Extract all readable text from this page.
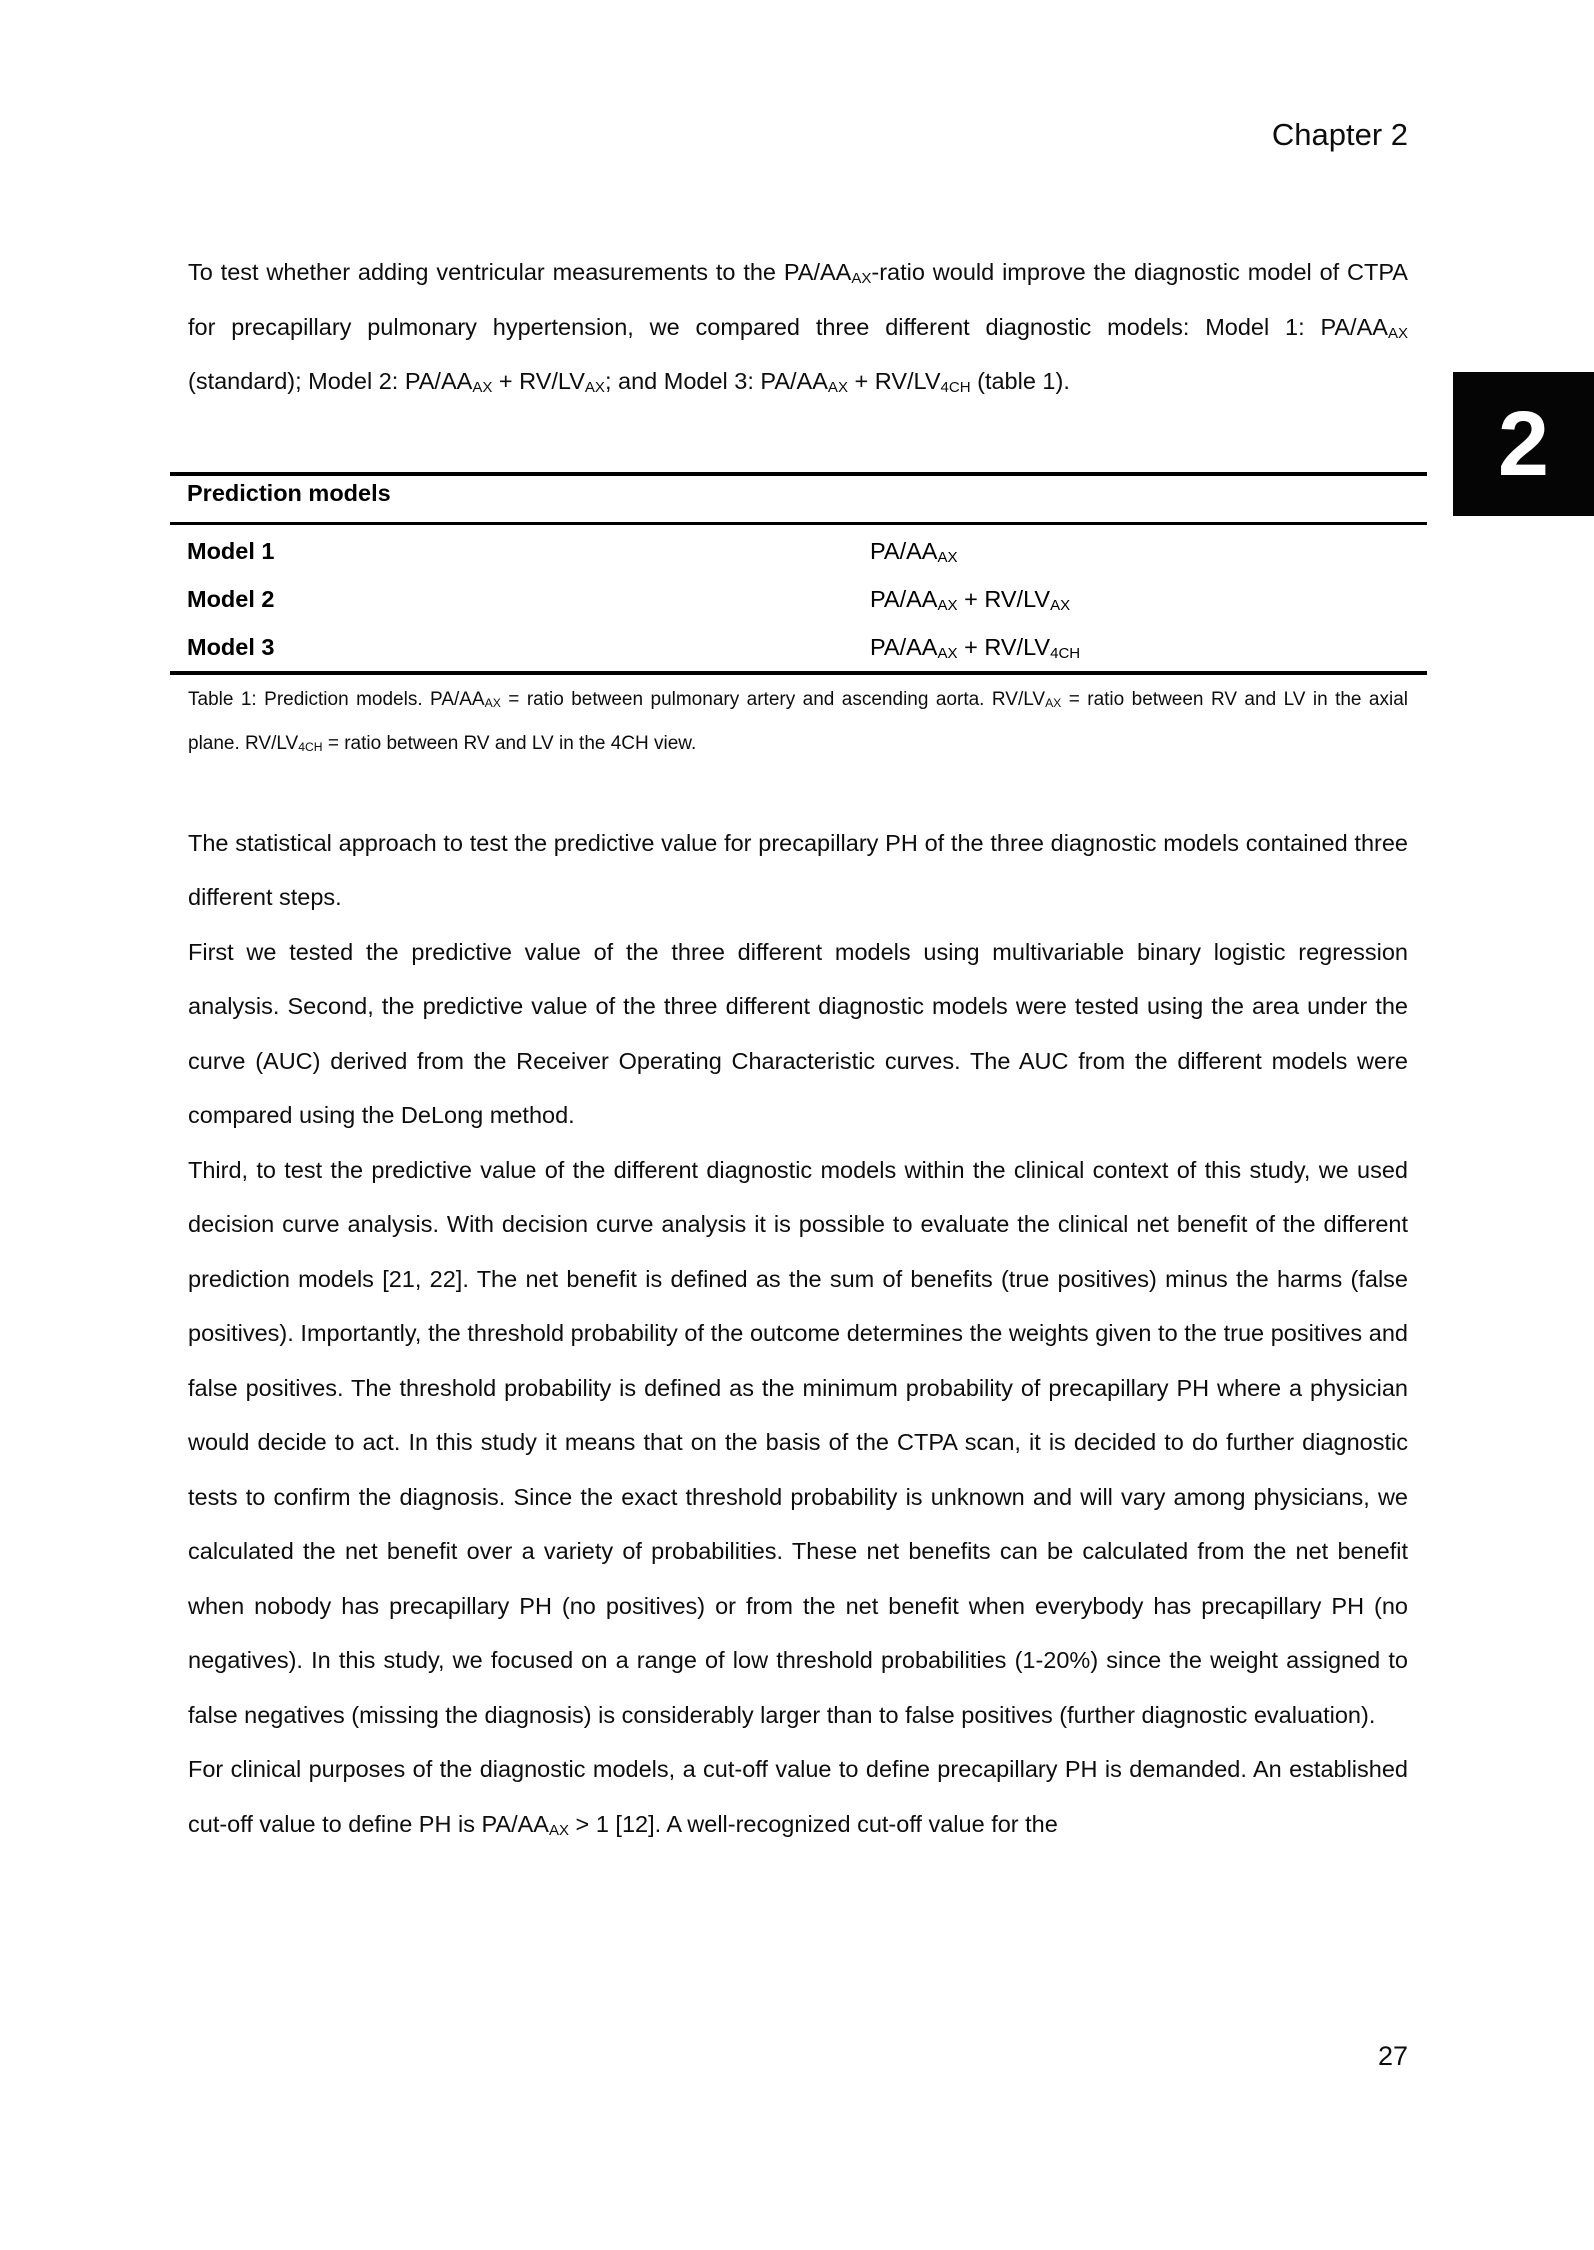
Chapter 2

To test whether adding ventricular measurements to the $PA/AA_{AX}$-ratio would improve the diagnostic model of CTPA for precapillary pulmonary hypertension, we compared three different diagnostic models: Model 1: $PA/AA_{AX}$ (standard); Model 2: $PA/AA_{AX} + RV/LV_{AX}$; and Model 3: $PA/AA_{AX} + RV/LV_{4CH}$ (table 1).

Prediction models
Model 1	$PA/AA_{AX}$
Model 2	$PA/AA_{AX} + RV/LV_{AX}$
Model 3	$PA/AA_{AX} + RV/LV_{4CH}$
Table 1: Prediction models. $PA/AA_{AX}$ = ratio between pulmonary artery and ascending aorta. $RV/LV_{AX}$ = ratio between RV and LV in the axial plane. $RV/LV_{4CH}$ = ratio between RV and LV in the 4CH view.

The statistical approach to test the predictive value for precapillary PH of the three diagnostic models contained three different steps.

First we tested the predictive value of the three different models using multivariable binary logistic regression analysis. Second, the predictive value of the three different diagnostic models were tested using the area under the curve (AUC) derived from the Receiver Operating Characteristic curves. The AUC from the different models were compared using the DeLong method.

Third, to test the predictive value of the different diagnostic models within the clinical context of this study, we used decision curve analysis. With decision curve analysis it is possible to evaluate the clinical net benefit of the different prediction models [21, 22]. The net benefit is defined as the sum of benefits (true positives) minus the harms (false positives). Importantly, the threshold probability of the outcome determines the weights given to the true positives and false positives. The threshold probability is defined as the minimum probability of precapillary PH where a physician would decide to act. In this study it means that on the basis of the CTPA scan, it is decided to do further diagnostic tests to confirm the diagnosis. Since the exact threshold probability is unknown and will vary among physicians, we calculated the net benefit over a variety of probabilities. These net benefits can be calculated from the net benefit when nobody has precapillary PH (no positives) or from the net benefit when everybody has precapillary PH (no negatives). In this study, we focused on a range of low threshold probabilities (1-20%) since the weight assigned to false negatives (missing the diagnosis) is considerably larger than to false positives (further diagnostic evaluation).

For clinical purposes of the diagnostic models, a cut-off value to define precapillary PH is demanded. An established cut-off value to define PH is $PA/AA_{AX} > 1$ [12]. A well-recognized cut-off value for the

2
27
